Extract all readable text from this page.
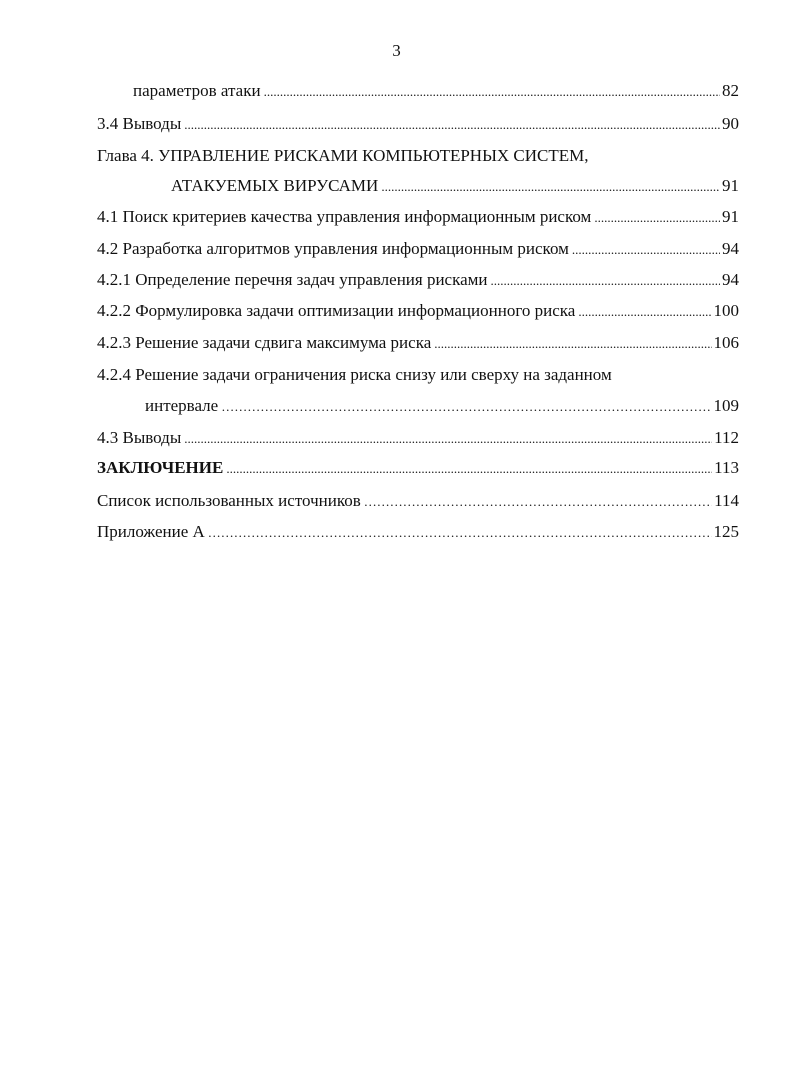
3
параметров атаки .....	82
3.4 Выводы .....	90
Глава 4. УПРАВЛЕНИЕ РИСКАМИ КОМПЬЮТЕРНЫХ СИСТЕМ,
АТАКУЕМЫХ ВИРУСАМИ .....	91
4.1 Поиск критериев качества управления информационным риском .....	91
4.2 Разработка алгоритмов управления информационным риском .....	94
4.2.1 Определение перечня задач управления рисками .....	94
4.2.2 Формулировка задачи оптимизации информационного риска .....	100
4.2.3 Решение задачи сдвига максимума риска .....	106
4.2.4 Решение задачи ограничения риска снизу или сверху на заданном
интервале ……………………………………………………………………………………………………………………………………	109
4.3 Выводы .....	112
ЗАКЛЮЧЕНИЕ .....	113
Список использованных источников ……………………………………………………………………………………………………………………………………	114
Приложение А ……………………………………………………………………………………………………………………………………	125
